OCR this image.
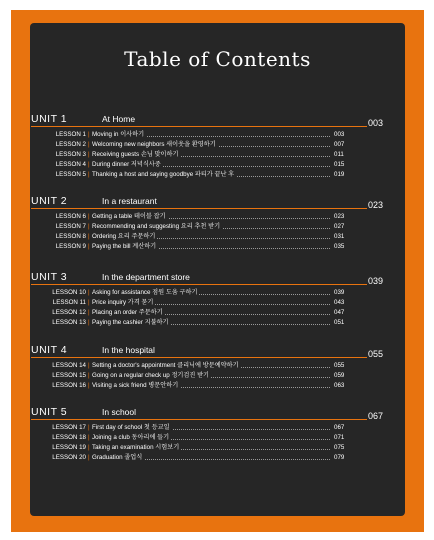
Table of Contents
UNIT 1	At Home	003
LESSON 1 | Moving in 이사하기	003
LESSON 2 | Welcoming new neighbors 새이웃을 환영하기	007
LESSON 3 | Receiving guests 손님 맞이하기	011
LESSON 4 | During dinner 저녁식사중	015
LESSON 5 | Thanking a host and saying goodbye 파티가 끝난 후	019
UNIT 2	In a restaurant	023
LESSON 6 | Getting a table 테이블 잡기	023
LESSON 7 | Recommending and suggesting 요리 추천 받기	027
LESSON 8 | Ordering 요리 주문하기	031
LESSON 9 | Paying the bill 계산하기	035
UNIT 3	In the department store	039
LESSON 10 | Asking for assistance 점원 도움 구하기	039
LESSON 11 | Price inquiry 가격 묻기	043
LESSON 12 | Placing an order 주문하기	047
LESSON 13 | Paying the cashier 지불하기	051
UNIT 4	In the hospital	055
LESSON 14 | Setting a doctor's appointment 클리닉에 방문예약하기	055
LESSON 15 | Going on a regular check up 정기검진 받기	059
LESSON 16 | Visiting a sick friend 병문안하기	063
UNIT 5	In school	067
LESSON 17 | First day of school 첫 등교일	067
LESSON 18 | Joining a club 동아리에 들기	071
LESSON 19 | Taking an examination 시험보기	075
LESSON 20 | Graduation 졸업식	079
